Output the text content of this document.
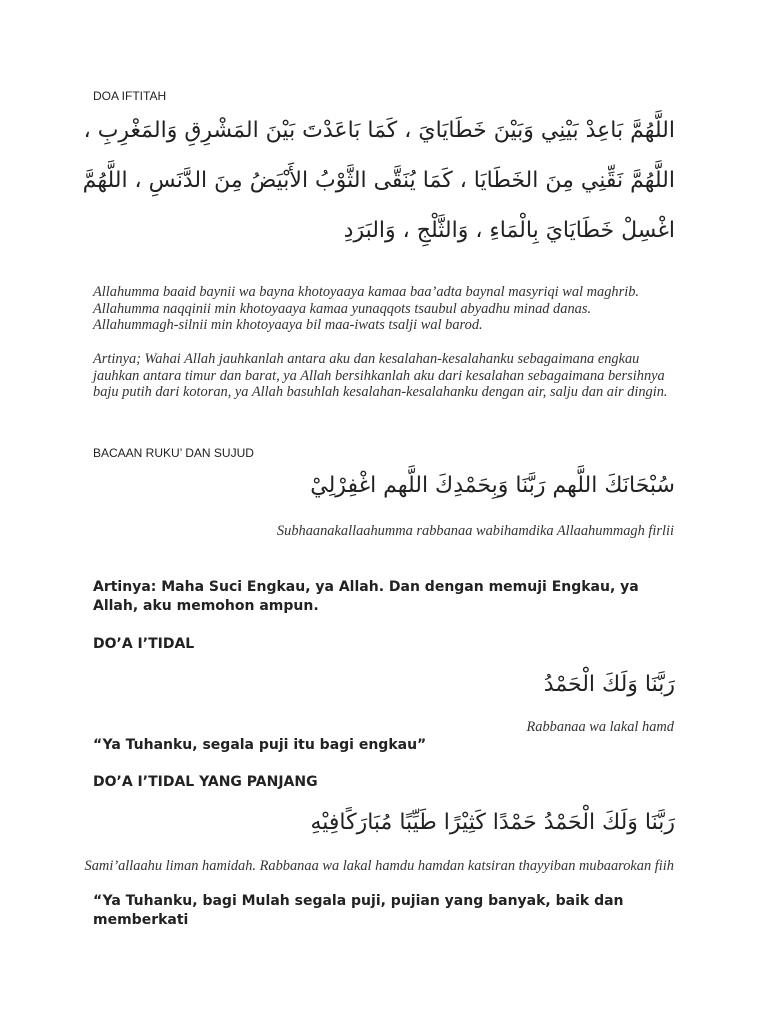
DOA IFTITAH
اللَّهُمَّ بَاعِدْ بَيْنِي وَبَيْنَ خَطَايَايَ ، كَمَا بَاعَدْتَ بَيْنَ المَشْرِقِ وَالمَغْرِبِ ،
اللَّهُمَّ نَقِّنِي مِنَ الخَطَايَا ، كَمَا يُنَقَّى الثَّوْبُ الأَبْيَضُ مِنَ الدَّنَسِ ، اللَّهُمَّ
اغْسِلْ خَطَايَايَ بِالْمَاءِ ، وَالثَّلْجِ ، وَالبَرَدِ
Allahumma baaid baynii wa bayna khotoyaaya kamaa baa’adta baynal masyriqi wal maghrib. Allahumma naqqinii min khotoyaaya kamaa yunaqqots tsaubul abyadhu minad danas. Allahummagh-silnii min khotoyaaya bil maa-iwats tsalji wal barod.
Artinya; Wahai Allah jauhkanlah antara aku dan kesalahan-kesalahanku sebagaimana engkau jauhkan antara timur dan barat, ya Allah bersihkanlah aku dari kesalahan sebagaimana bersihnya baju putih dari kotoran, ya Allah basuhlah kesalahan-kesalahanku dengan air, salju dan air dingin.
BACAAN RUKU’ DAN SUJUD
سُبْحَانَكَ اللَّهم رَبَّنَا وَبِحَمْدِكَ اللَّهم اغْفِرْلِيْ
Subhaanakallaahumma rabbanaa wabihamdika Allaahummagh firlii
Artinya: Maha Suci Engkau, ya Allah. Dan dengan memuji Engkau, ya Allah, aku memohon ampun.
DO’A I’TIDAL
رَبَّنَا وَلَكَ الْحَمْدُ
Rabbanaa wa lakal hamd
“Ya Tuhanku, segala puji itu bagi engkau”
DO’A I’TIDAL YANG PANJANG
رَبَّنَا وَلَكَ الْحَمْدُ حَمْدًا كَثِيْرًا طَيِّبًا مُبَارَكًافِيْهِ
Sami’allaahu liman hamidah. Rabbanaa wa lakal hamdu hamdan katsiran thayyiban mubaarokan fiih
“Ya Tuhanku, bagi Mulah segala puji, pujian yang banyak, baik dan memberkati
